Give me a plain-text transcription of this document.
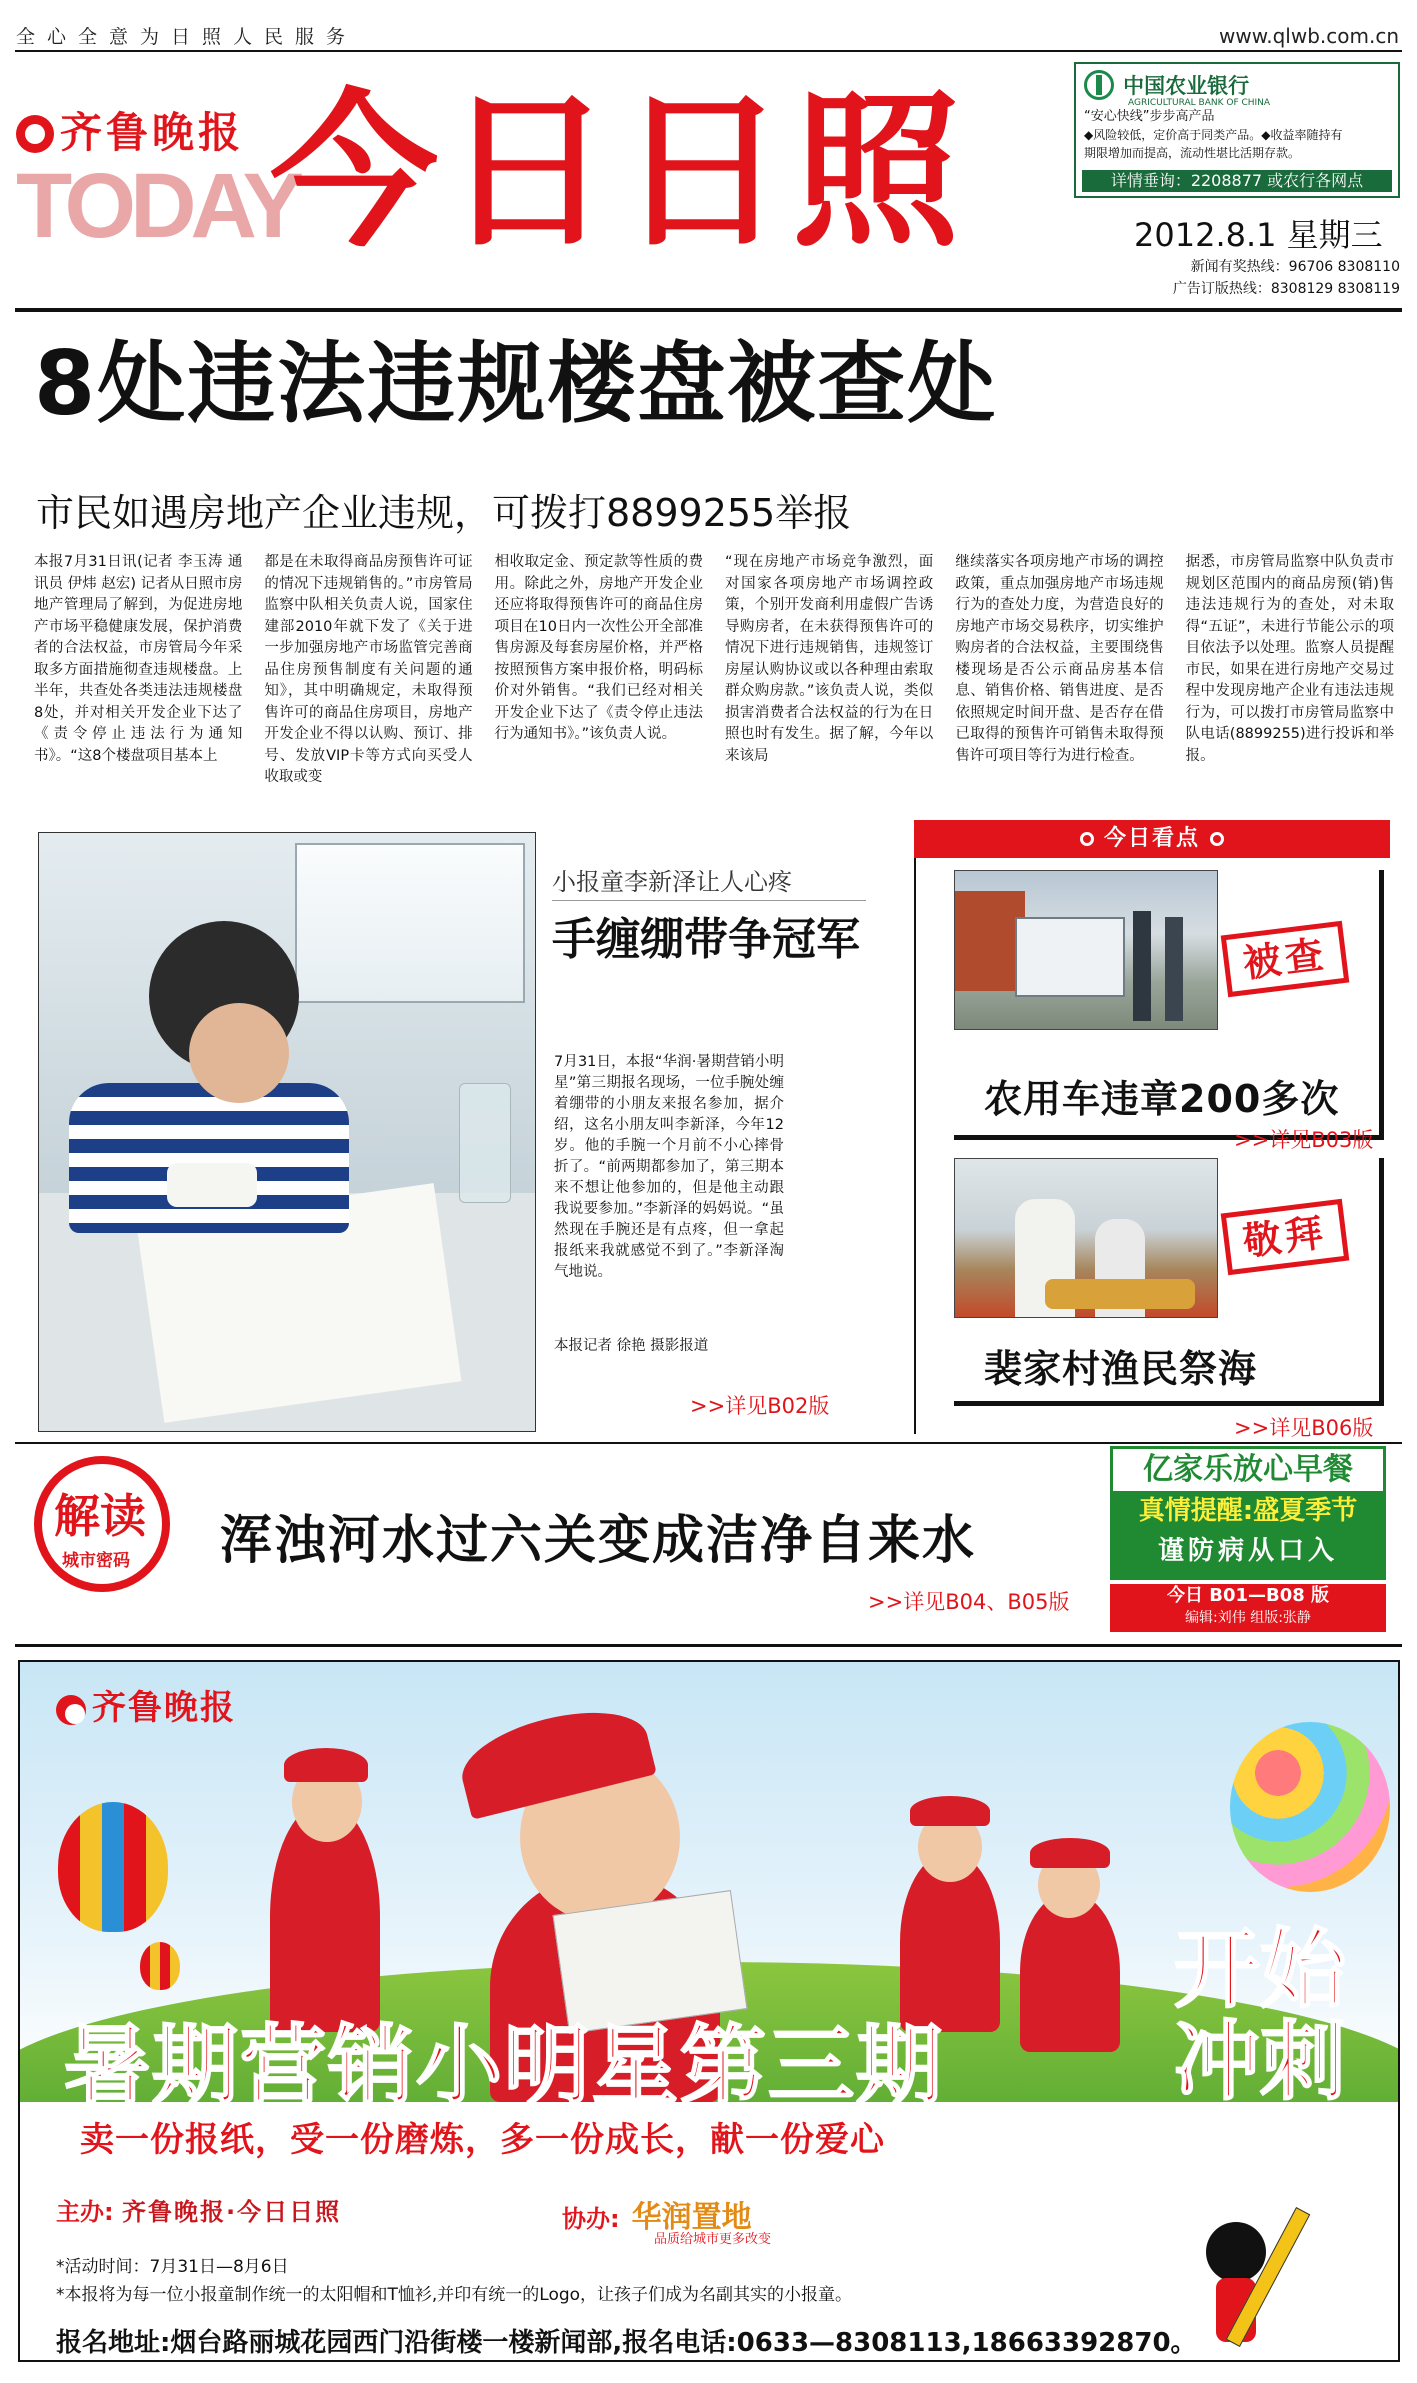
全心全意为日照人民服务	www.qlwb.com.cn
齐鲁晚报
TODAY
今日日照	中国农业银行
AGRICULTURAL BANK OF CHINA
“安心快线”步步高产品
◆风险较低，定价高于同类产品。◆收益率随持有
期限增加而提高，流动性堪比活期存款。
详情垂询：2208877 或农行各网点
2012.8.1 星期三
新闻有奖热线：96706 8308110
广告订版热线：8308129 8308119
8处违法违规楼盘被查处
市民如遇房地产企业违规，可拨打8899255举报
本报7月31日讯(记者 李玉涛 通讯员 伊炜 赵宏) 记者从日照市房地产管理局了解到，为促进房地产市场平稳健康发展，保护消费者的合法权益，市房管局今年采取多方面措施彻查违规楼盘。上半年，共查处各类违法违规楼盘8处，并对相关开发企业下达了《责令停止违法行为通知书》。“这8个楼盘项目基本上
都是在未取得商品房预售许可证的情况下违规销售的。”市房管局监察中队相关负责人说，国家住建部2010年就下发了《关于进一步加强房地产市场监管完善商品住房预售制度有关问题的通知》，其中明确规定，未取得预售许可的商品住房项目，房地产开发企业不得以认购、预订、排号、发放VIP卡等方式向买受人收取或变
相收取定金、预定款等性质的费用。除此之外，房地产开发企业还应将取得预售许可的商品住房项目在10日内一次性公开全部准售房源及每套房屋价格，并严格按照预售方案申报价格，明码标价对外销售。“我们已经对相关开发企业下达了《责令停止违法行为通知书》。”该负责人说。
“现在房地产市场竞争激烈，面对国家各项房地产市场调控政策，个别开发商利用虚假广告诱导购房者，在未获得预售许可的情况下进行违规销售，违规签订房屋认购协议或以各种理由索取群众购房款。”该负责人说，类似损害消费者合法权益的行为在日照也时有发生。据了解，今年以来该局
继续落实各项房地产市场的调控政策，重点加强房地产市场违规行为的查处力度，为营造良好的房地产市场交易秩序，切实维护购房者的合法权益，主要围绕售楼现场是否公示商品房基本信息、销售价格、销售进度、是否依照规定时间开盘、是否存在借已取得的预售许可销售未取得预售许可项目等行为进行检查。
据悉，市房管局监察中队负责市规划区范围内的商品房预(销)售违法违规行为的查处，对未取得“五证”，未进行节能公示的项目依法予以处理。监察人员提醒市民，如果在进行房地产交易过程中发现房地产企业有违法违规行为，可以拨打市房管局监察中队电话(8899255)进行投诉和举报。
小报童李新泽让人心疼
手缠绷带争冠军
7月31日，本报“华润·暑期营销小明星”第三期报名现场，一位手腕处缠着绷带的小朋友来报名参加，据介绍，这名小朋友叫李新泽，今年12岁。他的手腕一个月前不小心摔骨折了。“前两期都参加了，第三期本来不想让他参加的，但是他主动跟我说要参加。”李新泽的妈妈说。“虽然现在手腕还是有点疼，但一拿起报纸来我就感觉不到了。”李新泽淘气地说。
本报记者 徐艳 摄影报道
>>详见B02版
今日看点
被查
农用车违章200多次
>>详见B03版
敬拜
裴家村渔民祭海
>>详见B06版
解读
城市密码 浑浊河水过六关变成洁净自来水
>>详见B04、B05版
亿家乐放心早餐
真情提醒:盛夏季节
谨防病从口入
今日 B01—B08 版
编辑:刘伟 组版:张静
齐鲁晚报
暑期营销小明星第三期
开始冲刺
卖一份报纸，受一份磨炼，多一份成长，献一份爱心
主办: 齐鲁晚报·今日日照	协办: 华润置地
品质给城市更多改变
*活动时间：7月31日—8月6日
*本报将为每一位小报童制作统一的太阳帽和T恤衫,并印有统一的Logo，让孩子们成为名副其实的小报童。
报名地址:烟台路丽城花园西门沿街楼一楼新闻部,报名电话:0633—8308113,18663392870。
